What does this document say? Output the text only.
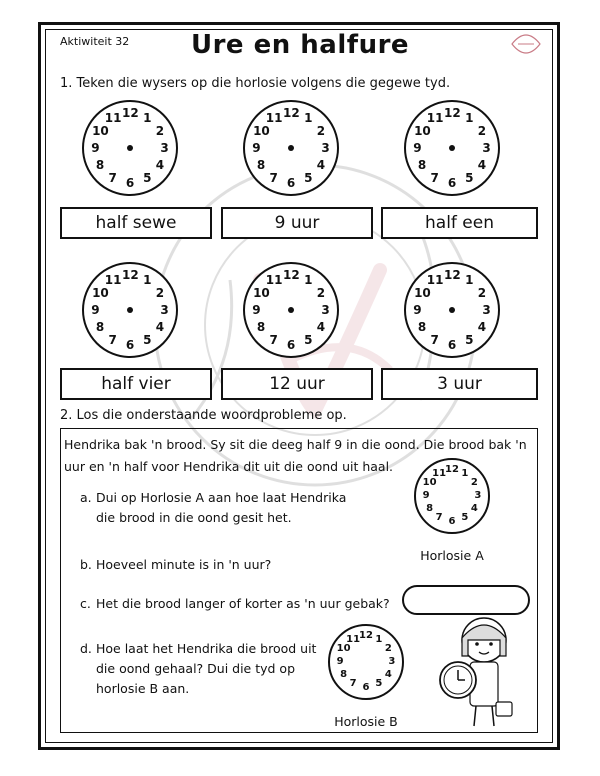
Aktiwiteit 32	Ure en halfure
1. Teken die wysers op die horlosie volgens die gegewe tyd.
12 1
2
3
4
5
6
7
8
9
10
11	12 1
2
3
4
5
6
7
8
9
10
11	12 1
2
3
4
5
6
7
8
9
10
11
12 1
2
3
4
5
6
7
8
9
10
11	12 1
2
3
4
5
6
7
8
9
10
11	12 1
2
3
4
5
6
7
8
9
10
11
half sewe	9 uur	half een
half vier	12 uur	3 uur
2. Los die onderstaande woordprobleme op.
Hendrika bak 'n brood. Sy sit die deeg half 9 in die oond. Die brood bak 'n
uur en 'n half voor Hendrika dit uit die oond uit haal.
a. Dui op Horlosie A aan hoe laat Hendrika
die brood in die oond gesit het.
12 1
2
3
4
5
6
7
8
9
10
11
Horlosie A
b. Hoeveel minute is in 'n uur?
c. Het die brood langer of korter as 'n uur gebak?
d. Hoe laat het Hendrika die brood uit
die oond gehaal? Dui die tyd op
horlosie B aan.
12 1
2
3
4
5
6
7
8
9
10
11
Horlosie B
